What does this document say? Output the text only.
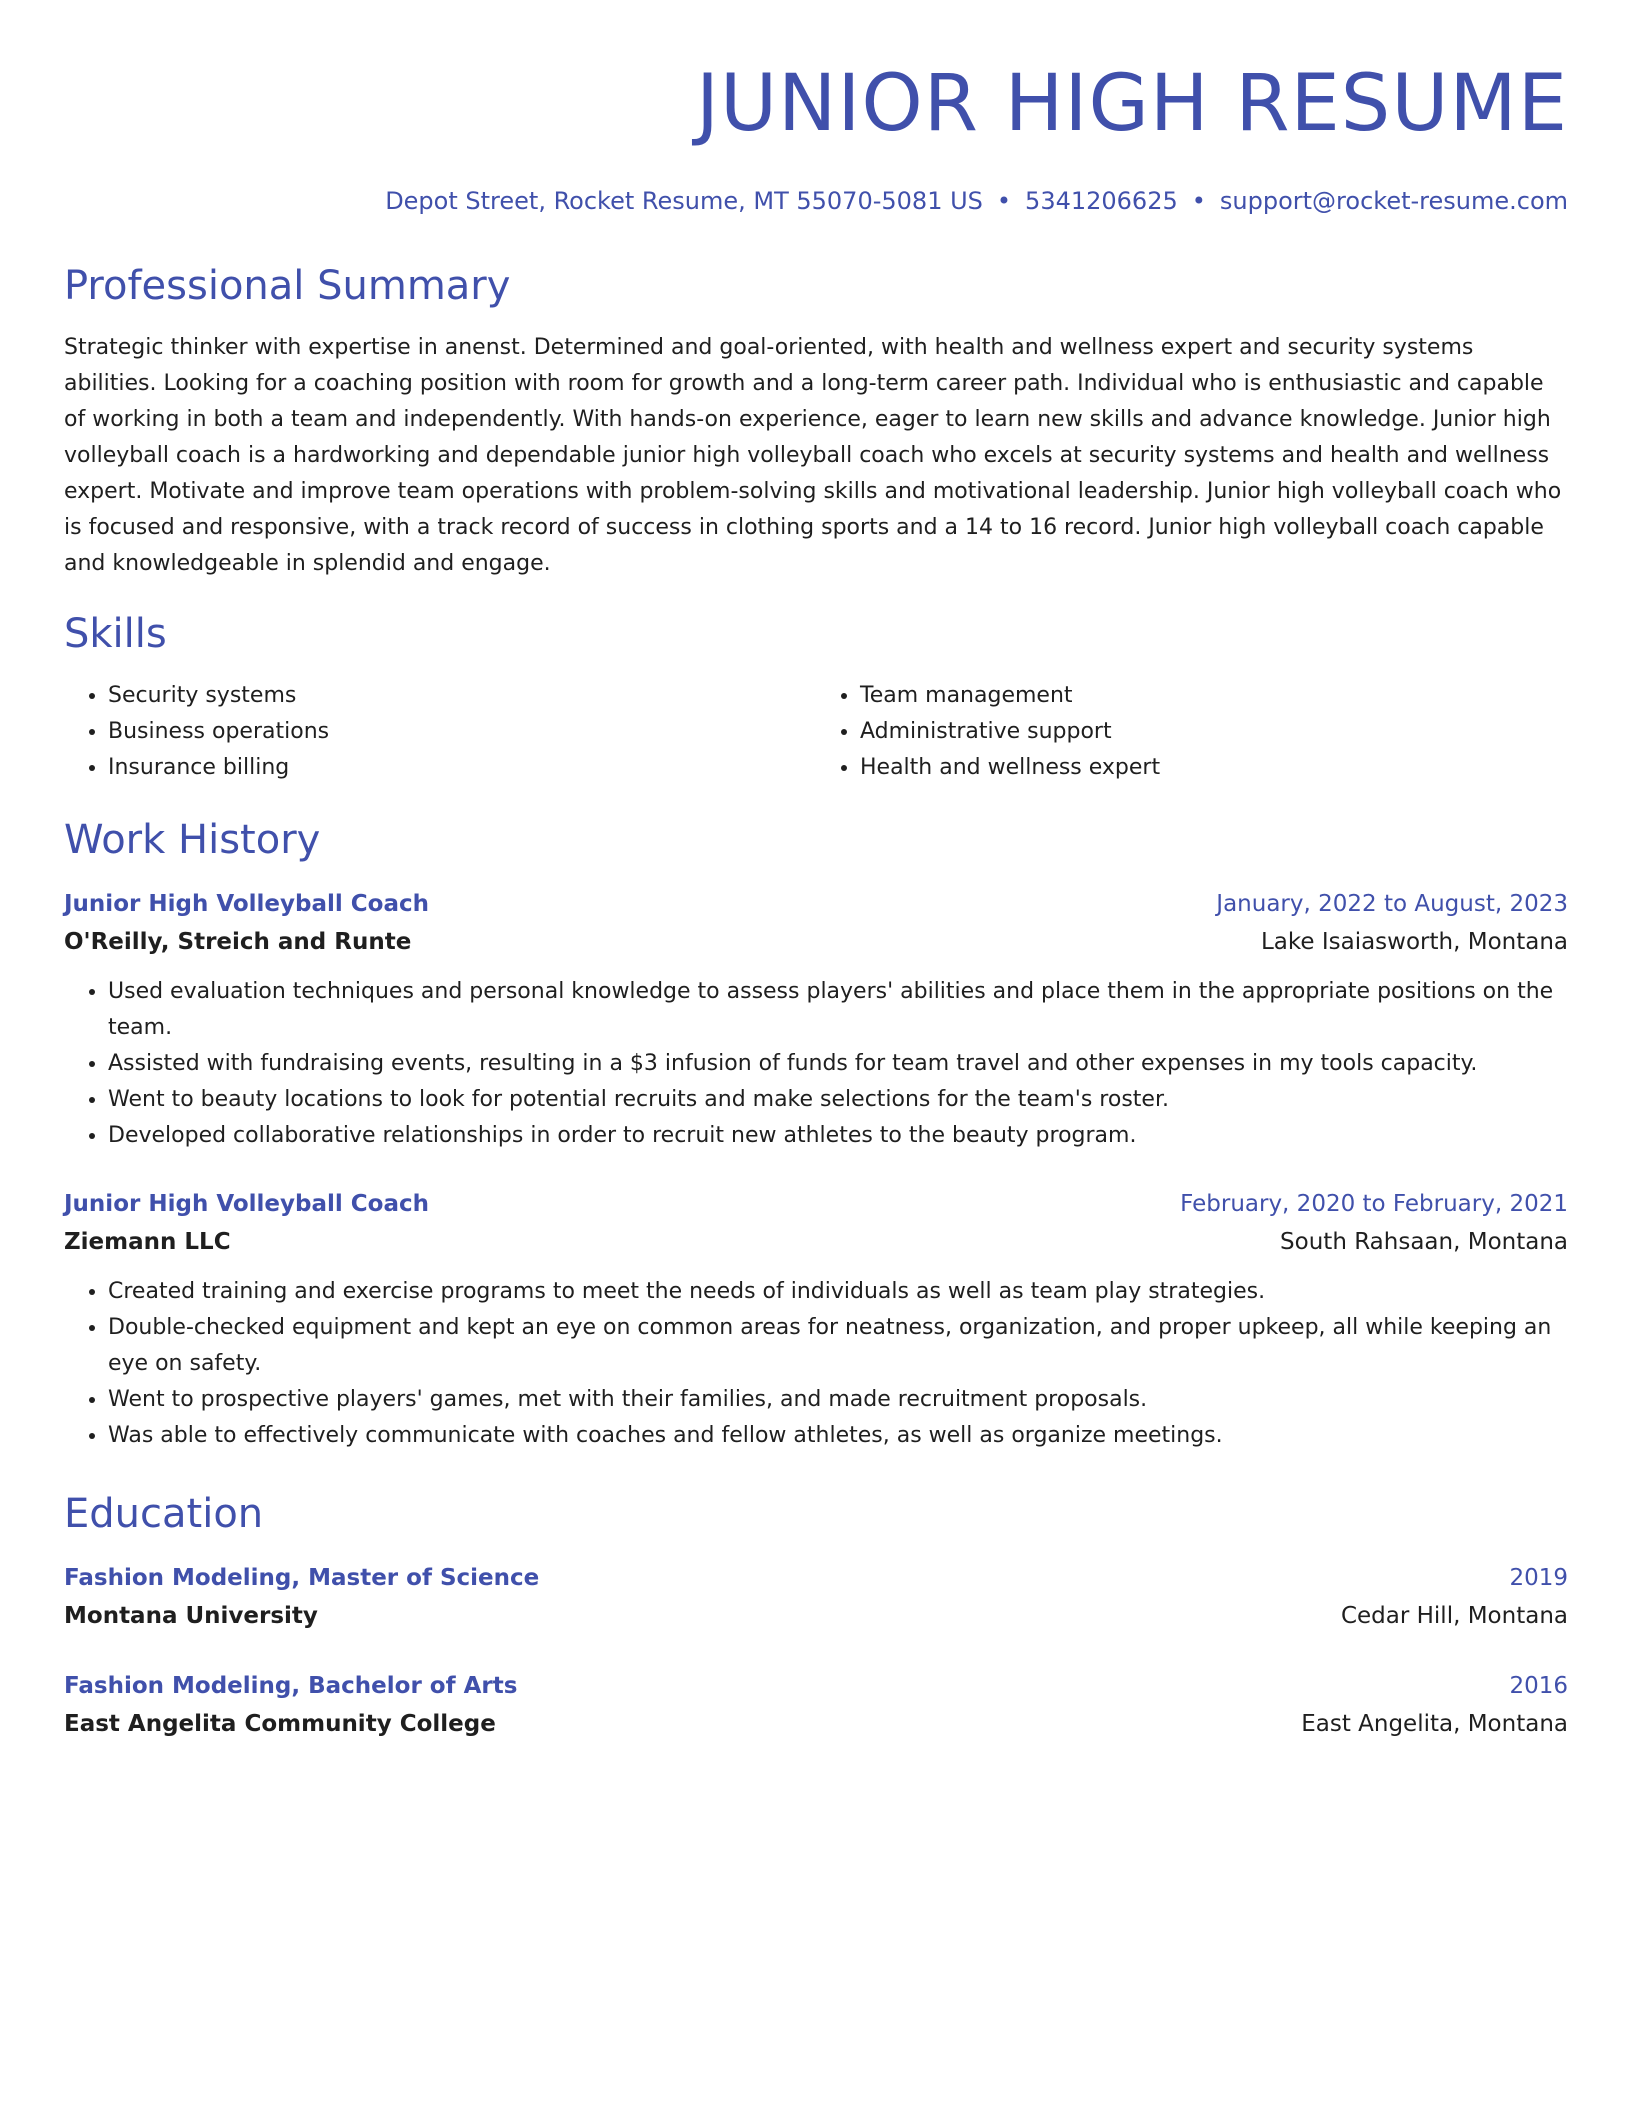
JUNIOR HIGH RESUME
Depot Street, Rocket Resume, MT 55070-5081 US • 5341206625 • support@rocket-resume.com
Professional Summary
Strategic thinker with expertise in anenst. Determined and goal-oriented, with health and wellness expert and security systems abilities. Looking for a coaching position with room for growth and a long-term career path. Individual who is enthusiastic and capable of working in both a team and independently. With hands-on experience, eager to learn new skills and advance knowledge. Junior high volleyball coach is a hardworking and dependable junior high volleyball coach who excels at security systems and health and wellness expert. Motivate and improve team operations with problem-solving skills and motivational leadership. Junior high volleyball coach who is focused and responsive, with a track record of success in clothing sports and a 14 to 16 record. Junior high volleyball coach capable and knowledgeable in splendid and engage.
Skills
• Security systems
• Business operations
• Insurance billing
• Team management
• Administrative support
• Health and wellness expert
Work History
Junior High Volleyball Coach	January, 2022 to August, 2023
O'Reilly, Streich and Runte	Lake Isaiasworth, Montana
• Used evaluation techniques and personal knowledge to assess players' abilities and place them in the appropriate positions on the team.
• Assisted with fundraising events, resulting in a $3 infusion of funds for team travel and other expenses in my tools capacity.
• Went to beauty locations to look for potential recruits and make selections for the team's roster.
• Developed collaborative relationships in order to recruit new athletes to the beauty program.
Junior High Volleyball Coach	February, 2020 to February, 2021
Ziemann LLC	South Rahsaan, Montana
• Created training and exercise programs to meet the needs of individuals as well as team play strategies.
• Double-checked equipment and kept an eye on common areas for neatness, organization, and proper upkeep, all while keeping an eye on safety.
• Went to prospective players' games, met with their families, and made recruitment proposals.
• Was able to effectively communicate with coaches and fellow athletes, as well as organize meetings.
Education
Fashion Modeling, Master of Science	2019
Montana University	Cedar Hill, Montana
Fashion Modeling, Bachelor of Arts	2016
East Angelita Community College	East Angelita, Montana
